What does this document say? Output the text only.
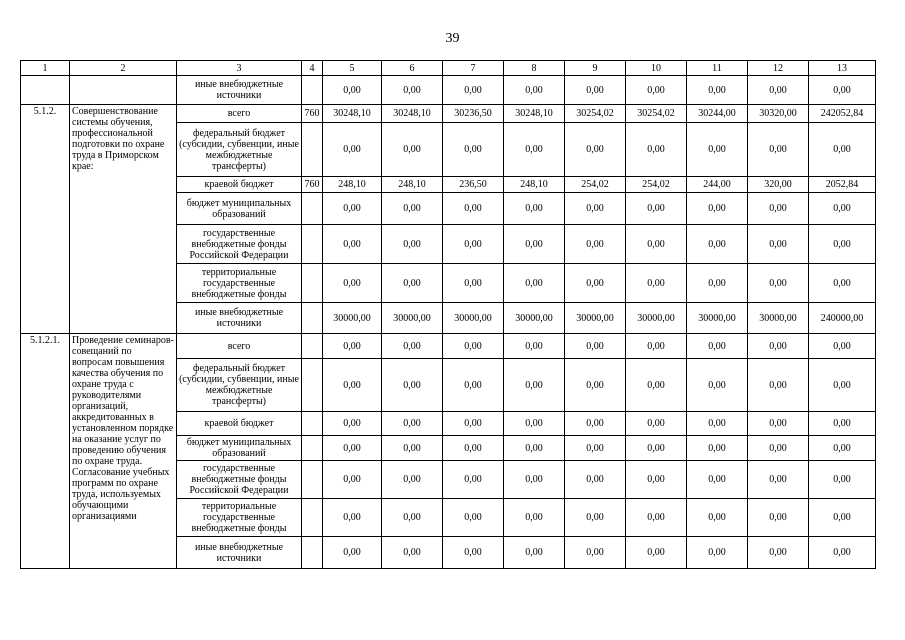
39
1	2	3	4	5	6	7	8	9	10	11	12	13
		иные внебюджетные источники		0,00	0,00	0,00	0,00	0,00	0,00	0,00	0,00	0,00
5.1.2.	Совершенствование системы обучения, профессиональной подготовки по охране труда в Приморском крае:	всего	760	30248,10	30248,10	30236,50	30248,10	30254,02	30254,02	30244,00	30320,00	242052,84
		федеральный бюджет (субсидии, субвенции, иные межбюджетные трансферты)		0,00	0,00	0,00	0,00	0,00	0,00	0,00	0,00	0,00
		краевой бюджет	760	248,10	248,10	236,50	248,10	254,02	254,02	244,00	320,00	2052,84
		бюджет муниципальных образований		0,00	0,00	0,00	0,00	0,00	0,00	0,00	0,00	0,00
		государственные внебюджетные фонды Российской Федерации		0,00	0,00	0,00	0,00	0,00	0,00	0,00	0,00	0,00
		территориальные государственные внебюджетные фонды		0,00	0,00	0,00	0,00	0,00	0,00	0,00	0,00	0,00
		иные внебюджетные источники		30000,00	30000,00	30000,00	30000,00	30000,00	30000,00	30000,00	30000,00	240000,00
5.1.2.1.	Проведение семинаров-совещаний по вопросам повышения качества обучения по охране труда с руководителями организаций, аккредитованных в установленном порядке на оказание услуг по проведению обучения по охране труда. Согласование учебных программ по охране труда, используемых обучающими организациями	всего		0,00	0,00	0,00	0,00	0,00	0,00	0,00	0,00	0,00
		федеральный бюджет (субсидии, субвенции, иные межбюджетные трансферты)		0,00	0,00	0,00	0,00	0,00	0,00	0,00	0,00	0,00
		краевой бюджет		0,00	0,00	0,00	0,00	0,00	0,00	0,00	0,00	0,00
		бюджет муниципальных образований		0,00	0,00	0,00	0,00	0,00	0,00	0,00	0,00	0,00
		государственные внебюджетные фонды Российской Федерации		0,00	0,00	0,00	0,00	0,00	0,00	0,00	0,00	0,00
		территориальные государственные внебюджетные фонды		0,00	0,00	0,00	0,00	0,00	0,00	0,00	0,00	0,00
		иные внебюджетные источники		0,00	0,00	0,00	0,00	0,00	0,00	0,00	0,00	0,00
